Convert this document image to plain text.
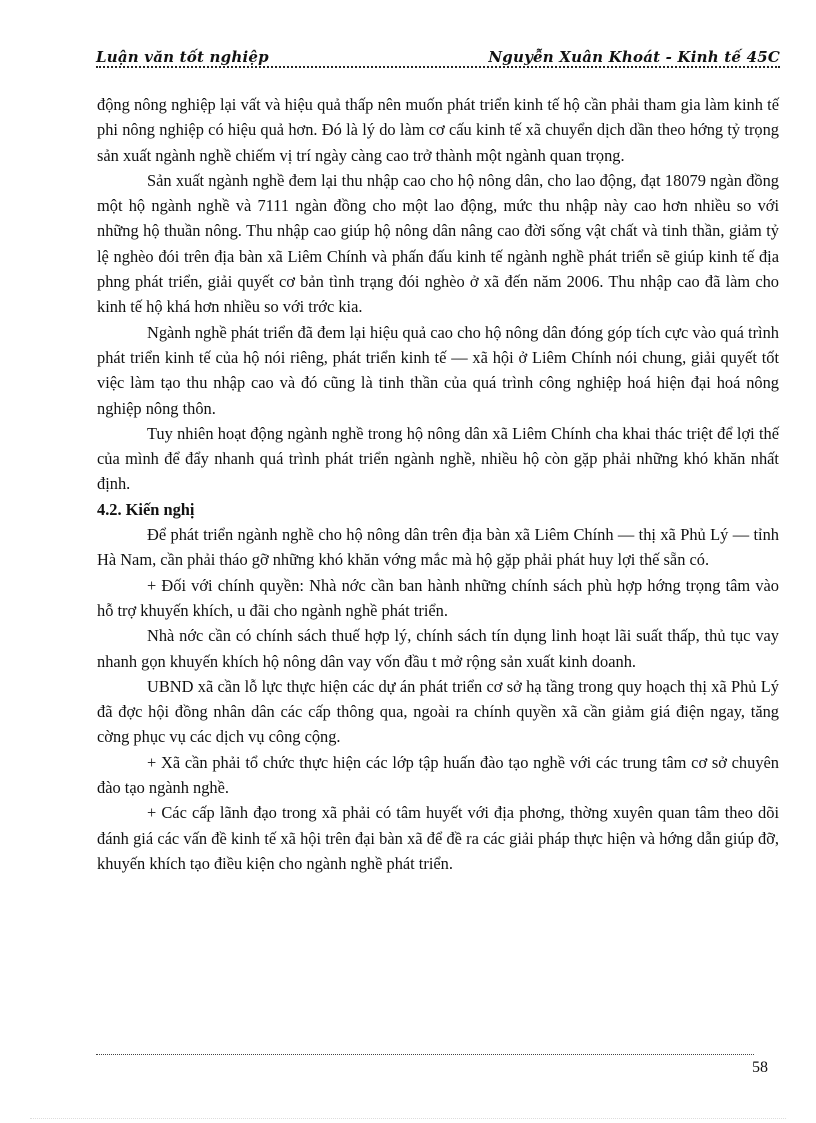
Luận văn tốt nghiệp	Nguyễn Xuân Khoát - Kinh tế 45C

động nông nghiệp lại vất và hiệu quả thấp nên muốn phát triển kinh tế hộ cần phải tham gia làm kinh tế phi nông nghiệp có hiệu quả hơn. Đó là lý do làm cơ cấu kinh tế xã chuyển dịch dần theo hớng tỷ trọng sản xuất ngành nghề chiếm vị trí ngày càng cao trở thành một ngành quan trọng.

Sản xuất ngành nghề đem lại thu nhập cao cho hộ nông dân, cho lao động, đạt 18079 ngàn đồng một hộ ngành nghề và 7111 ngàn đồng cho một lao động, mức thu nhập này cao hơn nhiều so với những hộ thuần nông. Thu nhập cao giúp hộ nông dân nâng cao đời sống vật chất và tinh thần, giảm tỷ lệ nghèo đói trên địa bàn xã Liêm Chính và phấn đấu kinh tế ngành nghề phát triển sẽ giúp kinh tế địa phng phát triển, giải quyết cơ bản tình trạng đói nghèo ở xã đến năm 2006. Thu nhập cao đã làm cho kinh tế hộ khá hơn nhiều so với trớc kia.

Ngành nghề phát triển đã đem lại hiệu quả cao cho hộ nông dân đóng góp tích cực vào quá trình phát triển kinh tế của hộ nói riêng, phát triển kinh tế — xã hội ở Liêm Chính nói chung, giải quyết tốt việc làm tạo thu nhập cao và đó cũng là tinh thần của quá trình công nghiệp hoá hiện đại hoá nông nghiệp nông thôn.

Tuy nhiên hoạt động ngành nghề trong hộ nông dân xã Liêm Chính cha khai thác triệt để lợi thế của mình để đẩy nhanh quá trình phát triển ngành nghề, nhiều hộ còn gặp phải những khó khăn nhất định.

4.2. Kiến nghị

Để phát triển ngành nghề cho hộ nông dân trên địa bàn xã Liêm Chính — thị xã Phủ Lý — tỉnh Hà Nam, cần phải tháo gỡ những khó khăn vớng mắc mà hộ gặp phải phát huy lợi thế sẵn có.

+ Đối với chính quyền: Nhà nớc cần ban hành những chính sách phù hợp hớng trọng tâm vào hỗ trợ khuyến khích, u đãi cho ngành nghề phát triển.

Nhà nớc cần có chính sách thuế hợp lý, chính sách tín dụng linh hoạt lãi suất thấp, thủ tục vay nhanh gọn khuyến khích hộ nông dân vay vốn đầu t mở rộng sản xuất kinh doanh.

UBND xã cần lỗ lực thực hiện các dự án phát triển cơ sở hạ tầng trong quy hoạch thị xã Phủ Lý đã đợc hội đồng nhân dân các cấp thông qua, ngoài ra chính quyền xã cần giảm giá điện ngay, tăng cờng phục vụ các dịch vụ công cộng.

+ Xã cần phải tổ chức thực hiện các lớp tập huấn đào tạo nghề với các trung tâm cơ sở chuyên đào tạo ngành nghề.

+ Các cấp lãnh đạo trong xã phải có tâm huyết với địa phơng, thờng xuyên quan tâm theo dõi đánh giá các vấn đề kinh tế xã hội trên đại bàn xã để đề ra các giải pháp thực hiện và hớng dẫn giúp đỡ, khuyến khích tạo điều kiện cho ngành nghề phát triển.

58
